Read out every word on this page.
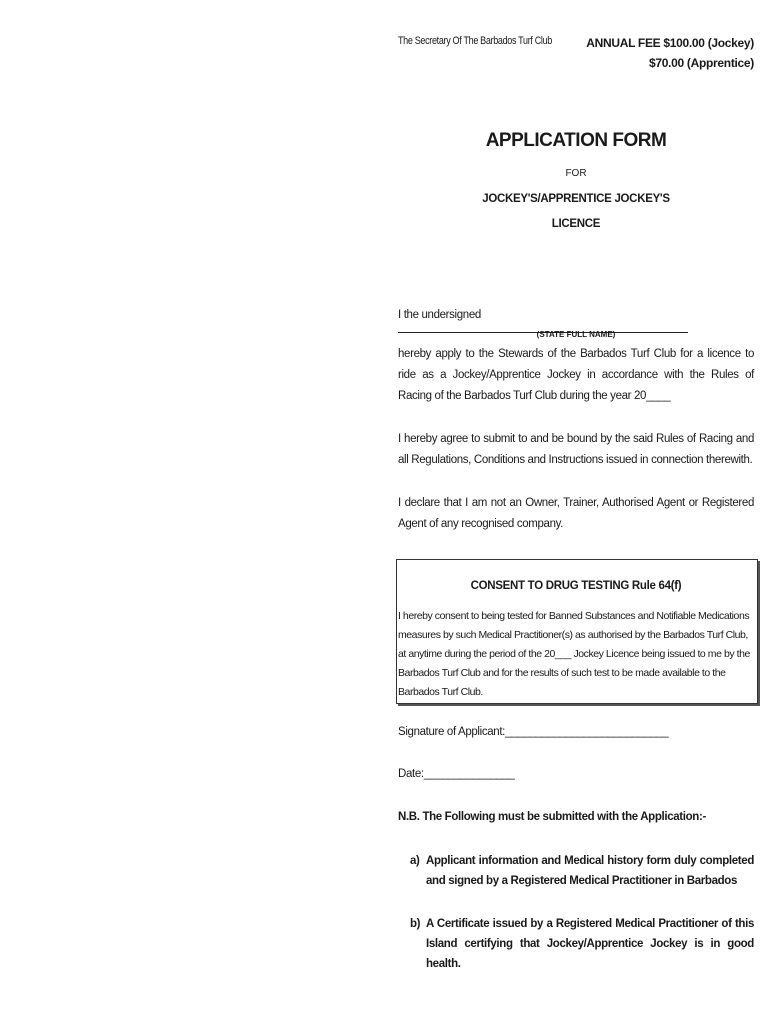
The Secretary Of The Barbados Turf Club	ANNUAL FEE $100.00 (Jockey)
$70.00 (Apprentice)
APPLICATION FORM
FOR
JOCKEY'S/APPRENTICE JOCKEY'S
LICENCE
I the undersigned
(STATE FULL NAME)
hereby apply to the Stewards of the Barbados Turf Club for a licence to ride as a Jockey/Apprentice Jockey in accordance with the Rules of Racing of the Barbados Turf Club during the year 20____
I hereby agree to submit to and be bound by the said Rules of Racing and all Regulations, Conditions and Instructions issued in connection therewith.
I declare that I am not an Owner, Trainer, Authorised Agent or Registered Agent of any recognised company.
CONSENT TO DRUG TESTING Rule 64(f)
I hereby consent to being tested for Banned Substances and Notifiable Medications measures by such Medical Practitioner(s) as authorised by the Barbados Turf Club, at anytime during the period of the 20___ Jockey Licence being issued to me by the Barbados Turf Club and for the results of such test to be made available to the Barbados Turf Club.
Signature of Applicant:___________________________
Date:_______________
N.B. The Following must be submitted with the Application:-
a) Applicant information and Medical history form duly completed and signed by a Registered Medical Practitioner in Barbados
b) A Certificate issued by a Registered Medical Practitioner of this Island certifying that Jockey/Apprentice Jockey is in good health.
